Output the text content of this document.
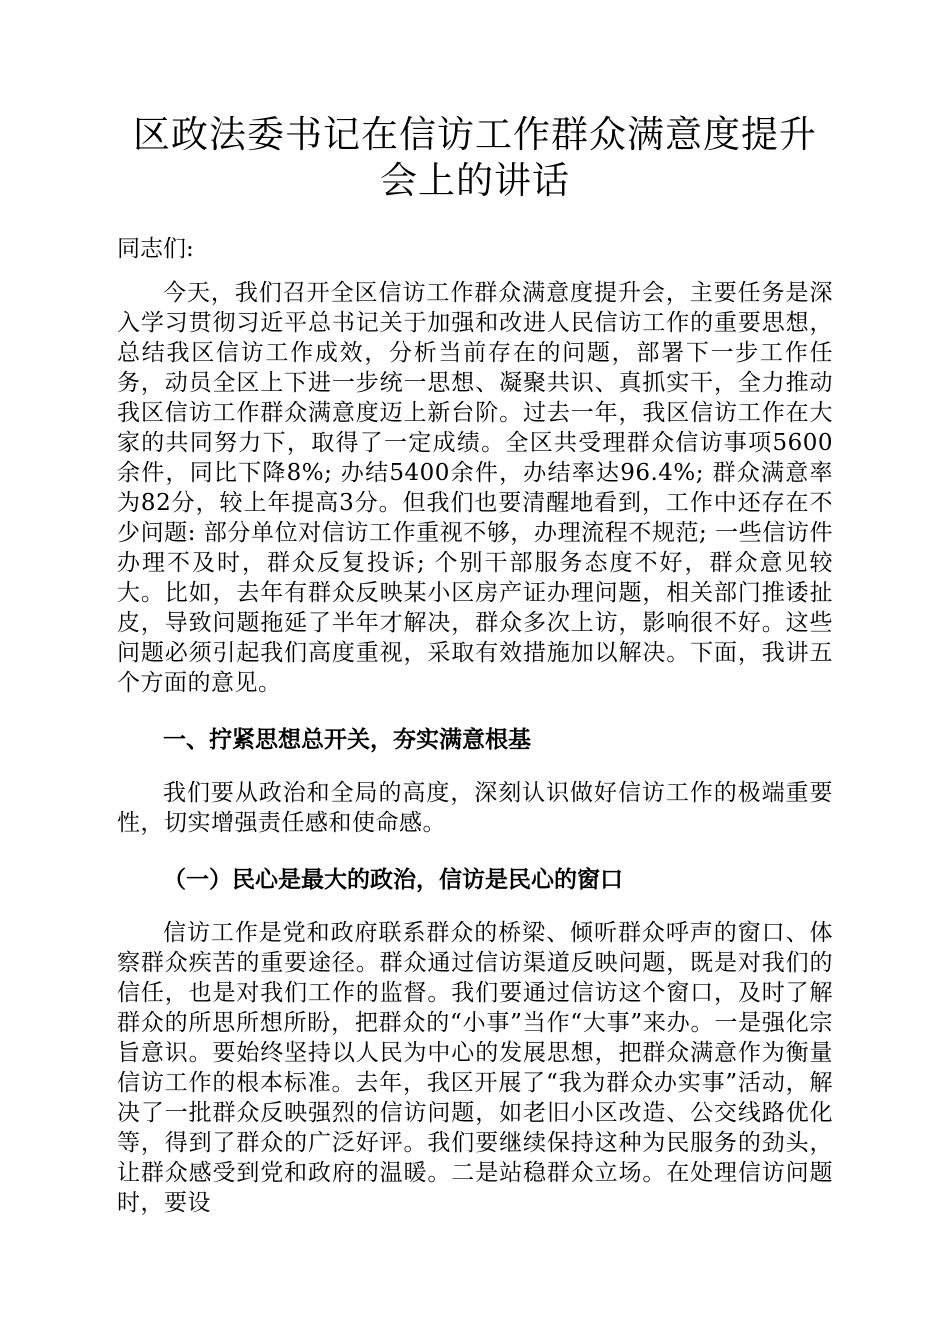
区政法委书记在信访工作群众满意度提升会上的讲话

同志们:

今天，我们召开全区信访工作群众满意度提升会，主要任务是深入学习贯彻习近平总书记关于加强和改进人民信访工作的重要思想，总结我区信访工作成效，分析当前存在的问题，部署下一步工作任务，动员全区上下进一步统一思想、凝聚共识、真抓实干，全力推动我区信访工作群众满意度迈上新台阶。过去一年，我区信访工作在大家的共同努力下，取得了一定成绩。全区共受理群众信访事项5600余件，同比下降8%; 办结5400余件，办结率达96.4%; 群众满意率为82分，较上年提高3分。但我们也要清醒地看到，工作中还存在不少问题: 部分单位对信访工作重视不够，办理流程不规范; 一些信访件办理不及时，群众反复投诉; 个别干部服务态度不好，群众意见较大。比如，去年有群众反映某小区房产证办理问题，相关部门推诿扯皮，导致问题拖延了半年才解决，群众多次上访，影响很不好。这些问题必须引起我们高度重视，采取有效措施加以解决。下面，我讲五个方面的意见。

一、拧紧思想总开关，夯实满意根基

我们要从政治和全局的高度，深刻认识做好信访工作的极端重要性，切实增强责任感和使命感。

（一）民心是最大的政治，信访是民心的窗口

信访工作是党和政府联系群众的桥梁、倾听群众呼声的窗口、体察群众疾苦的重要途径。群众通过信访渠道反映问题，既是对我们的信任，也是对我们工作的监督。我们要通过信访这个窗口，及时了解群众的所思所想所盼，把群众的“小事”当作“大事”来办。一是强化宗旨意识。要始终坚持以人民为中心的发展思想，把群众满意作为衡量信访工作的根本标准。去年，我区开展了“我为群众办实事”活动，解决了一批群众反映强烈的信访问题，如老旧小区改造、公交线路优化等，得到了群众的广泛好评。我们要继续保持这种为民服务的劲头，让群众感受到党和政府的温暖。二是站稳群众立场。在处理信访问题时，要设
